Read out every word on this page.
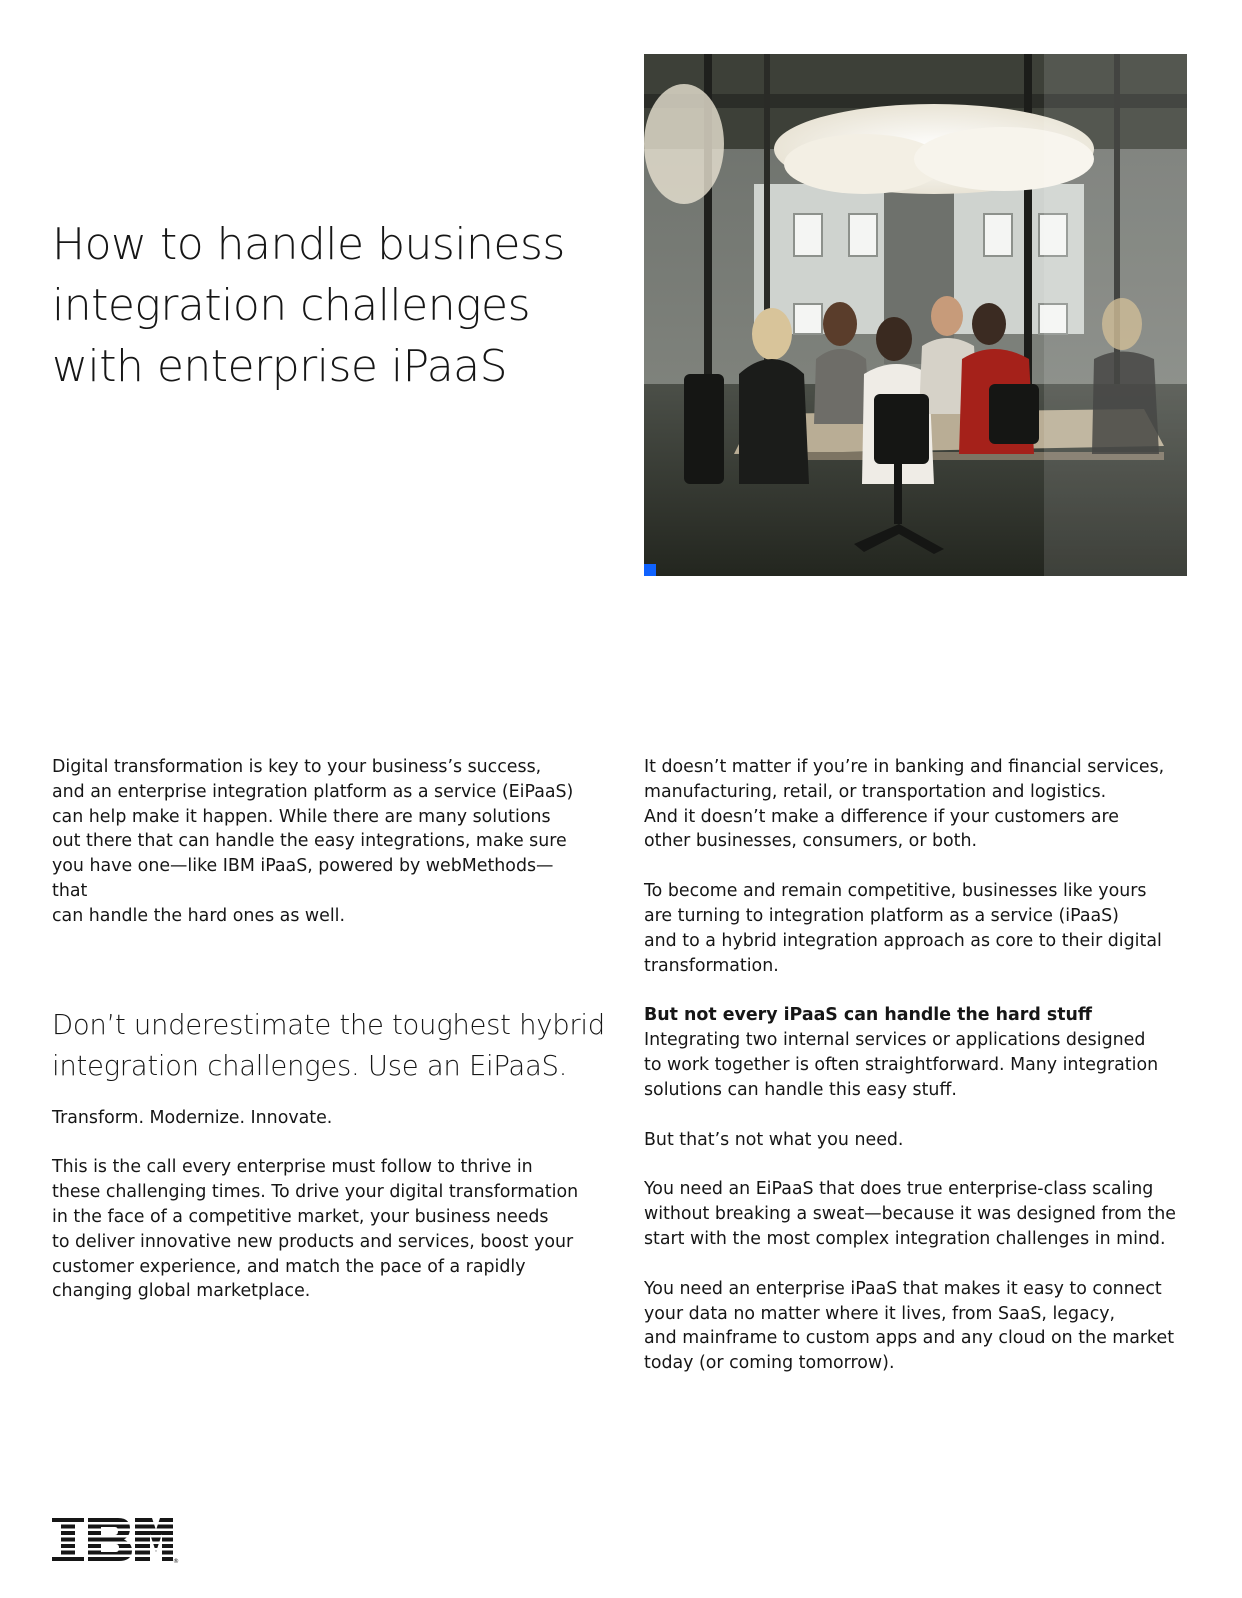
How to handle business
integration challenges
with enterprise iPaaS

Digital transformation is key to your business’s success,
and an enterprise integration platform as a service (EiPaaS)
can help make it happen. While there are many solutions
out there that can handle the easy integrations, make sure
you have one—like IBM iPaaS, powered by webMethods—that
can handle the hard ones as well.

Don’t underestimate the toughest hybrid
integration challenges. Use an EiPaaS.

Transform. Modernize. Innovate.

This is the call every enterprise must follow to thrive in
these challenging times. To drive your digital transformation
in the face of a competitive market, your business needs
to deliver innovative new products and services, boost your
customer experience, and match the pace of a rapidly
changing global marketplace.

It doesn’t matter if you’re in banking and financial services,
manufacturing, retail, or transportation and logistics.
And it doesn’t make a difference if your customers are
other businesses, consumers, or both.

To become and remain competitive, businesses like yours
are turning to integration platform as a service (iPaaS)
and to a hybrid integration approach as core to their digital
transformation.

But not every iPaaS can handle the hard stuff
Integrating two internal services or applications designed
to work together is often straightforward. Many integration
solutions can handle this easy stuff.

But that’s not what you need.

You need an EiPaaS that does true enterprise-class scaling
without breaking a sweat—because it was designed from the
start with the most complex integration challenges in mind.

You need an enterprise iPaaS that makes it easy to connect
your data no matter where it lives, from SaaS, legacy,
and mainframe to custom apps and any cloud on the market
today (or coming tomorrow).

®
